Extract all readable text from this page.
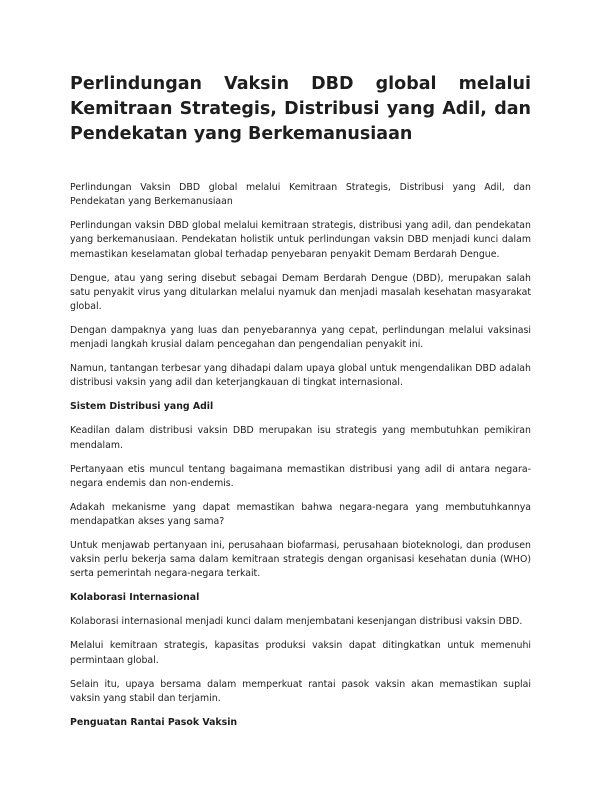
Perlindungan Vaksin DBD global melalui Kemitraan Strategis, Distribusi yang Adil, dan Pendekatan yang Berkemanusiaan

Perlindungan Vaksin DBD global melalui Kemitraan Strategis, Distribusi yang Adil, dan Pendekatan yang Berkemanusiaan

Perlindungan vaksin DBD global melalui kemitraan strategis, distribusi yang adil, dan pendekatan yang berkemanusiaan. Pendekatan holistik untuk perlindungan vaksin DBD menjadi kunci dalam memastikan keselamatan global terhadap penyebaran penyakit Demam Berdarah Dengue.

Dengue, atau yang sering disebut sebagai Demam Berdarah Dengue (DBD), merupakan salah satu penyakit virus yang ditularkan melalui nyamuk dan menjadi masalah kesehatan masyarakat global.

Dengan dampaknya yang luas dan penyebarannya yang cepat, perlindungan melalui vaksinasi menjadi langkah krusial dalam pencegahan dan pengendalian penyakit ini.

Namun, tantangan terbesar yang dihadapi dalam upaya global untuk mengendalikan DBD adalah distribusi vaksin yang adil dan keterjangkauan di tingkat internasional.

Sistem Distribusi yang Adil

Keadilan dalam distribusi vaksin DBD merupakan isu strategis yang membutuhkan pemikiran mendalam.

Pertanyaan etis muncul tentang bagaimana memastikan distribusi yang adil di antara negara-negara endemis dan non-endemis.

Adakah mekanisme yang dapat memastikan bahwa negara-negara yang membutuhkannya mendapatkan akses yang sama?

Untuk menjawab pertanyaan ini, perusahaan biofarmasi, perusahaan bioteknologi, dan produsen vaksin perlu bekerja sama dalam kemitraan strategis dengan organisasi kesehatan dunia (WHO) serta pemerintah negara-negara terkait.

Kolaborasi Internasional

Kolaborasi internasional menjadi kunci dalam menjembatani kesenjangan distribusi vaksin DBD.

Melalui kemitraan strategis, kapasitas produksi vaksin dapat ditingkatkan untuk memenuhi permintaan global.

Selain itu, upaya bersama dalam memperkuat rantai pasok vaksin akan memastikan suplai vaksin yang stabil dan terjamin.

Penguatan Rantai Pasok Vaksin
